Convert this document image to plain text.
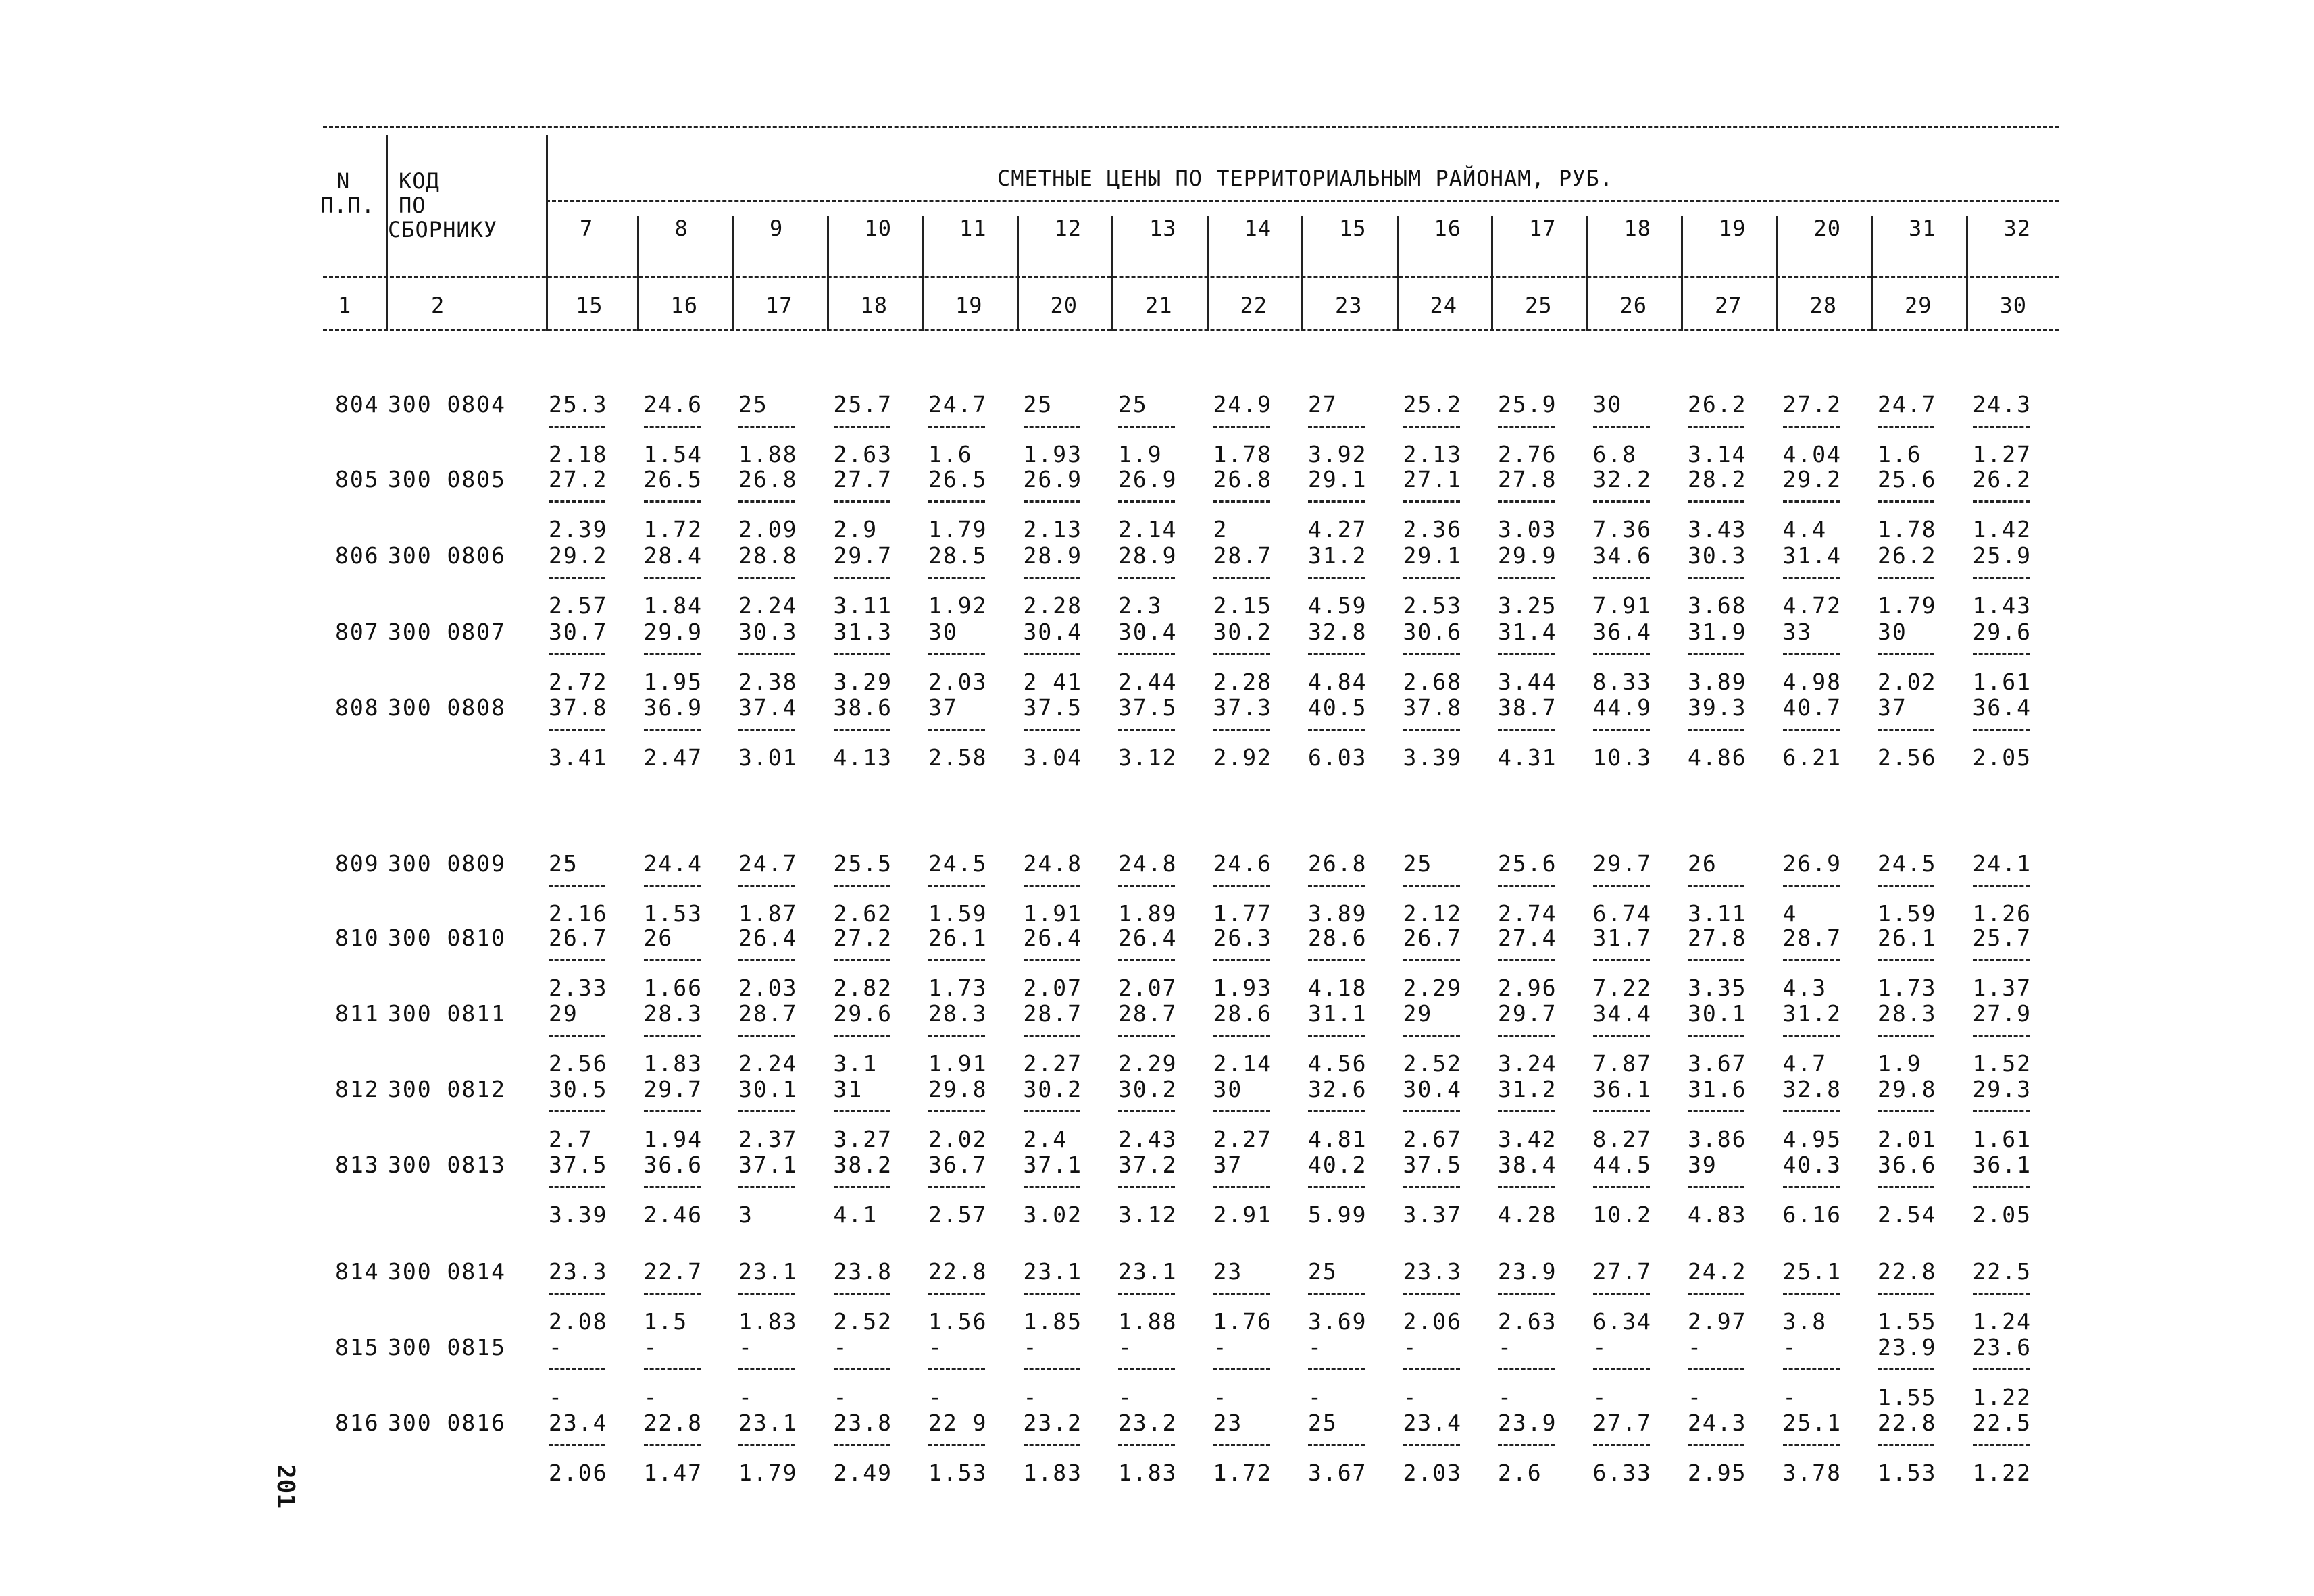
N
П.П.
КОД
ПО
СБОРНИКУ
СМЕТНЫЕ ЦЕНЫ ПО ТЕРРИТОРИАЛЬНЫМ РАЙОНАМ, РУБ.
1	2
7
15
8
16
9
17
10
18
11
19
12
20
13
21
14
22
15
23
16
24
17
25
18
26
19
27
20
28
31
29
32
30
804 300 0804 25.3
2.18
24.6
1.54
25
1.88
25.7
2.63
24.7
1.6
25
1.93
25
1.9
24.9
1.78
27
3.92
25.2
2.13
25.9
2.76
30
6.8
26.2
3.14
27.2
4.04
24.7
1.6
24.3
1.27
805 300 0805 27.2
2.39
26.5
1.72
26.8
2.09
27.7
2.9
26.5
1.79
26.9
2.13
26.9
2.14
26.8
2
29.1
4.27
27.1
2.36
27.8
3.03
32.2
7.36
28.2
3.43
29.2
4.4
25.6
1.78
26.2
1.42
806 300 0806 29.2
2.57
28.4
1.84
28.8
2.24
29.7
3.11
28.5
1.92
28.9
2.28
28.9
2.3
28.7
2.15
31.2
4.59
29.1
2.53
29.9
3.25
34.6
7.91
30.3
3.68
31.4
4.72
26.2
1.79
25.9
1.43
807 300 0807 30.7
2.72
29.9
1.95
30.3
2.38
31.3
3.29
30
2.03
30.4
2 41
30.4
2.44
30.2
2.28
32.8
4.84
30.6
2.68
31.4
3.44
36.4
8.33
31.9
3.89
33
4.98
30
2.02
29.6
1.61
808 300 0808 37.8
3.41
36.9
2.47
37.4
3.01
38.6
4.13
37
2.58
37.5
3.04
37.5
3.12
37.3
2.92
40.5
6.03
37.8
3.39
38.7
4.31
44.9
10.3
39.3
4.86
40.7
6.21
37
2.56
36.4
2.05
809 300 0809 25
2.16
24.4
1.53
24.7
1.87
25.5
2.62
24.5
1.59
24.8
1.91
24.8
1.89
24.6
1.77
26.8
3.89
25
2.12
25.6
2.74
29.7
6.74
26
3.11
26.9
4
24.5
1.59
24.1
1.26
810 300 0810 26.7
2.33
26
1.66
26.4
2.03
27.2
2.82
26.1
1.73
26.4
2.07
26.4
2.07
26.3
1.93
28.6
4.18
26.7
2.29
27.4
2.96
31.7
7.22
27.8
3.35
28.7
4.3
26.1
1.73
25.7
1.37
811 300 0811 29
2.56
28.3
1.83
28.7
2.24
29.6
3.1
28.3
1.91
28.7
2.27
28.7
2.29
28.6
2.14
31.1
4.56
29
2.52
29.7
3.24
34.4
7.87
30.1
3.67
31.2
4.7
28.3
1.9
27.9
1.52
812 300 0812 30.5
2.7
29.7
1.94
30.1
2.37
31
3.27
29.8
2.02
30.2
2.4
30.2
2.43
30
2.27
32.6
4.81
30.4
2.67
31.2
3.42
36.1
8.27
31.6
3.86
32.8
4.95
29.8
2.01
29.3
1.61
813 300 0813 37.5
3.39
36.6
2.46
37.1
3
38.2
4.1
36.7
2.57
37.1
3.02
37.2
3.12
37
2.91
40.2
5.99
37.5
3.37
38.4
4.28
44.5
10.2
39
4.83
40.3
6.16
36.6
2.54
36.1
2.05
814 300 0814 23.3
2.08
22.7
1.5
23.1
1.83
23.8
2.52
22.8
1.56
23.1
1.85
23.1
1.88
23
1.76
25
3.69
23.3
2.06
23.9
2.63
27.7
6.34
24.2
2.97
25.1
3.8
22.8
1.55
22.5
1.24
815 300 0815 -
-
-
-
-
-
-
-
-
-
-
-
-
-
-
-
-
-
-
-
-
-
-
-
-
-
-
-
23.9
1.55
23.6
1.22
816 300 0816 23.4
2.06
22.8
1.47
23.1
1.79
23.8
2.49
22 9
1.53
23.2
1.83
23.2
1.83
23
1.72
25
3.67
23.4
2.03
23.9
2.6
27.7
6.33
24.3
2.95
25.1
3.78
22.8
1.53
22.5
1.22
201
